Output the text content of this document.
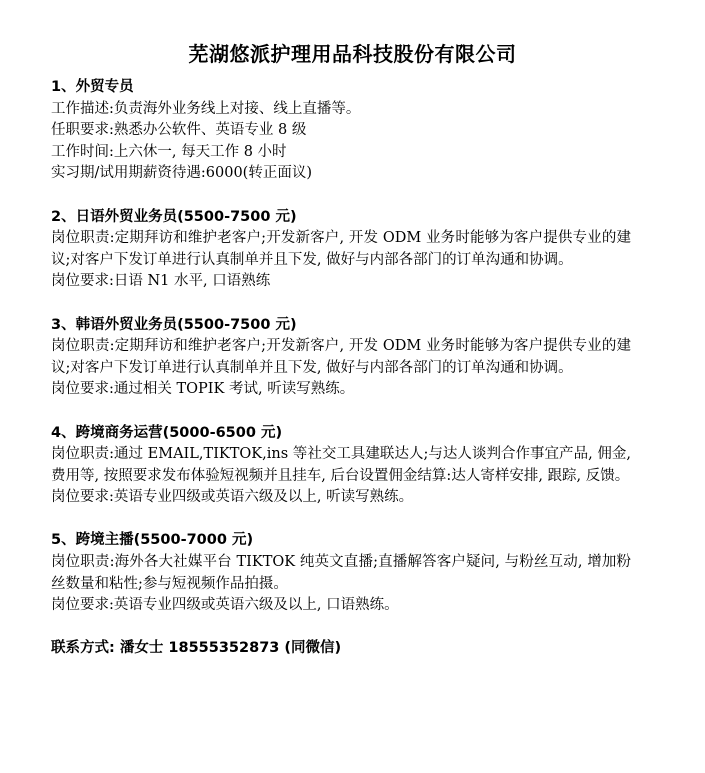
芜湖悠派护理用品科技股份有限公司
1、外贸专员
工作描述:负责海外业务线上对接、线上直播等。
任职要求:熟悉办公软件、英语专业 8 级
工作时间:上六休一, 每天工作 8 小时
实习期/试用期薪资待遇:6000(转正面议)
2、日语外贸业务员(5500-7500 元)
岗位职责:定期拜访和维护老客户;开发新客户, 开发 ODM 业务时能够为客户提供专业的建议;对客户下发订单进行认真制单并且下发, 做好与内部各部门的订单沟通和协调。
岗位要求:日语 N1 水平, 口语熟练
3、韩语外贸业务员(5500-7500 元)
岗位职责:定期拜访和维护老客户;开发新客户, 开发 ODM 业务时能够为客户提供专业的建议;对客户下发订单进行认真制单并且下发, 做好与内部各部门的订单沟通和协调。
岗位要求:通过相关 TOPIK 考试, 听读写熟练。
4、跨境商务运营(5000-6500 元)
岗位职责:通过 EMAIL,TIKTOK,ins 等社交工具建联达人;与达人谈判合作事宜产品, 佣金, 费用等, 按照要求发布体验短视频并且挂车, 后台设置佣金结算:达人寄样安排, 跟踪, 反馈。
岗位要求:英语专业四级或英语六级及以上, 听读写熟练。
5、跨境主播(5500-7000 元)
岗位职责:海外各大社媒平台 TIKTOK 纯英文直播;直播解答客户疑问, 与粉丝互动, 增加粉丝数量和粘性;参与短视频作品拍摄。
岗位要求:英语专业四级或英语六级及以上, 口语熟练。
联系方式: 潘女士 18555352873 (同微信)
